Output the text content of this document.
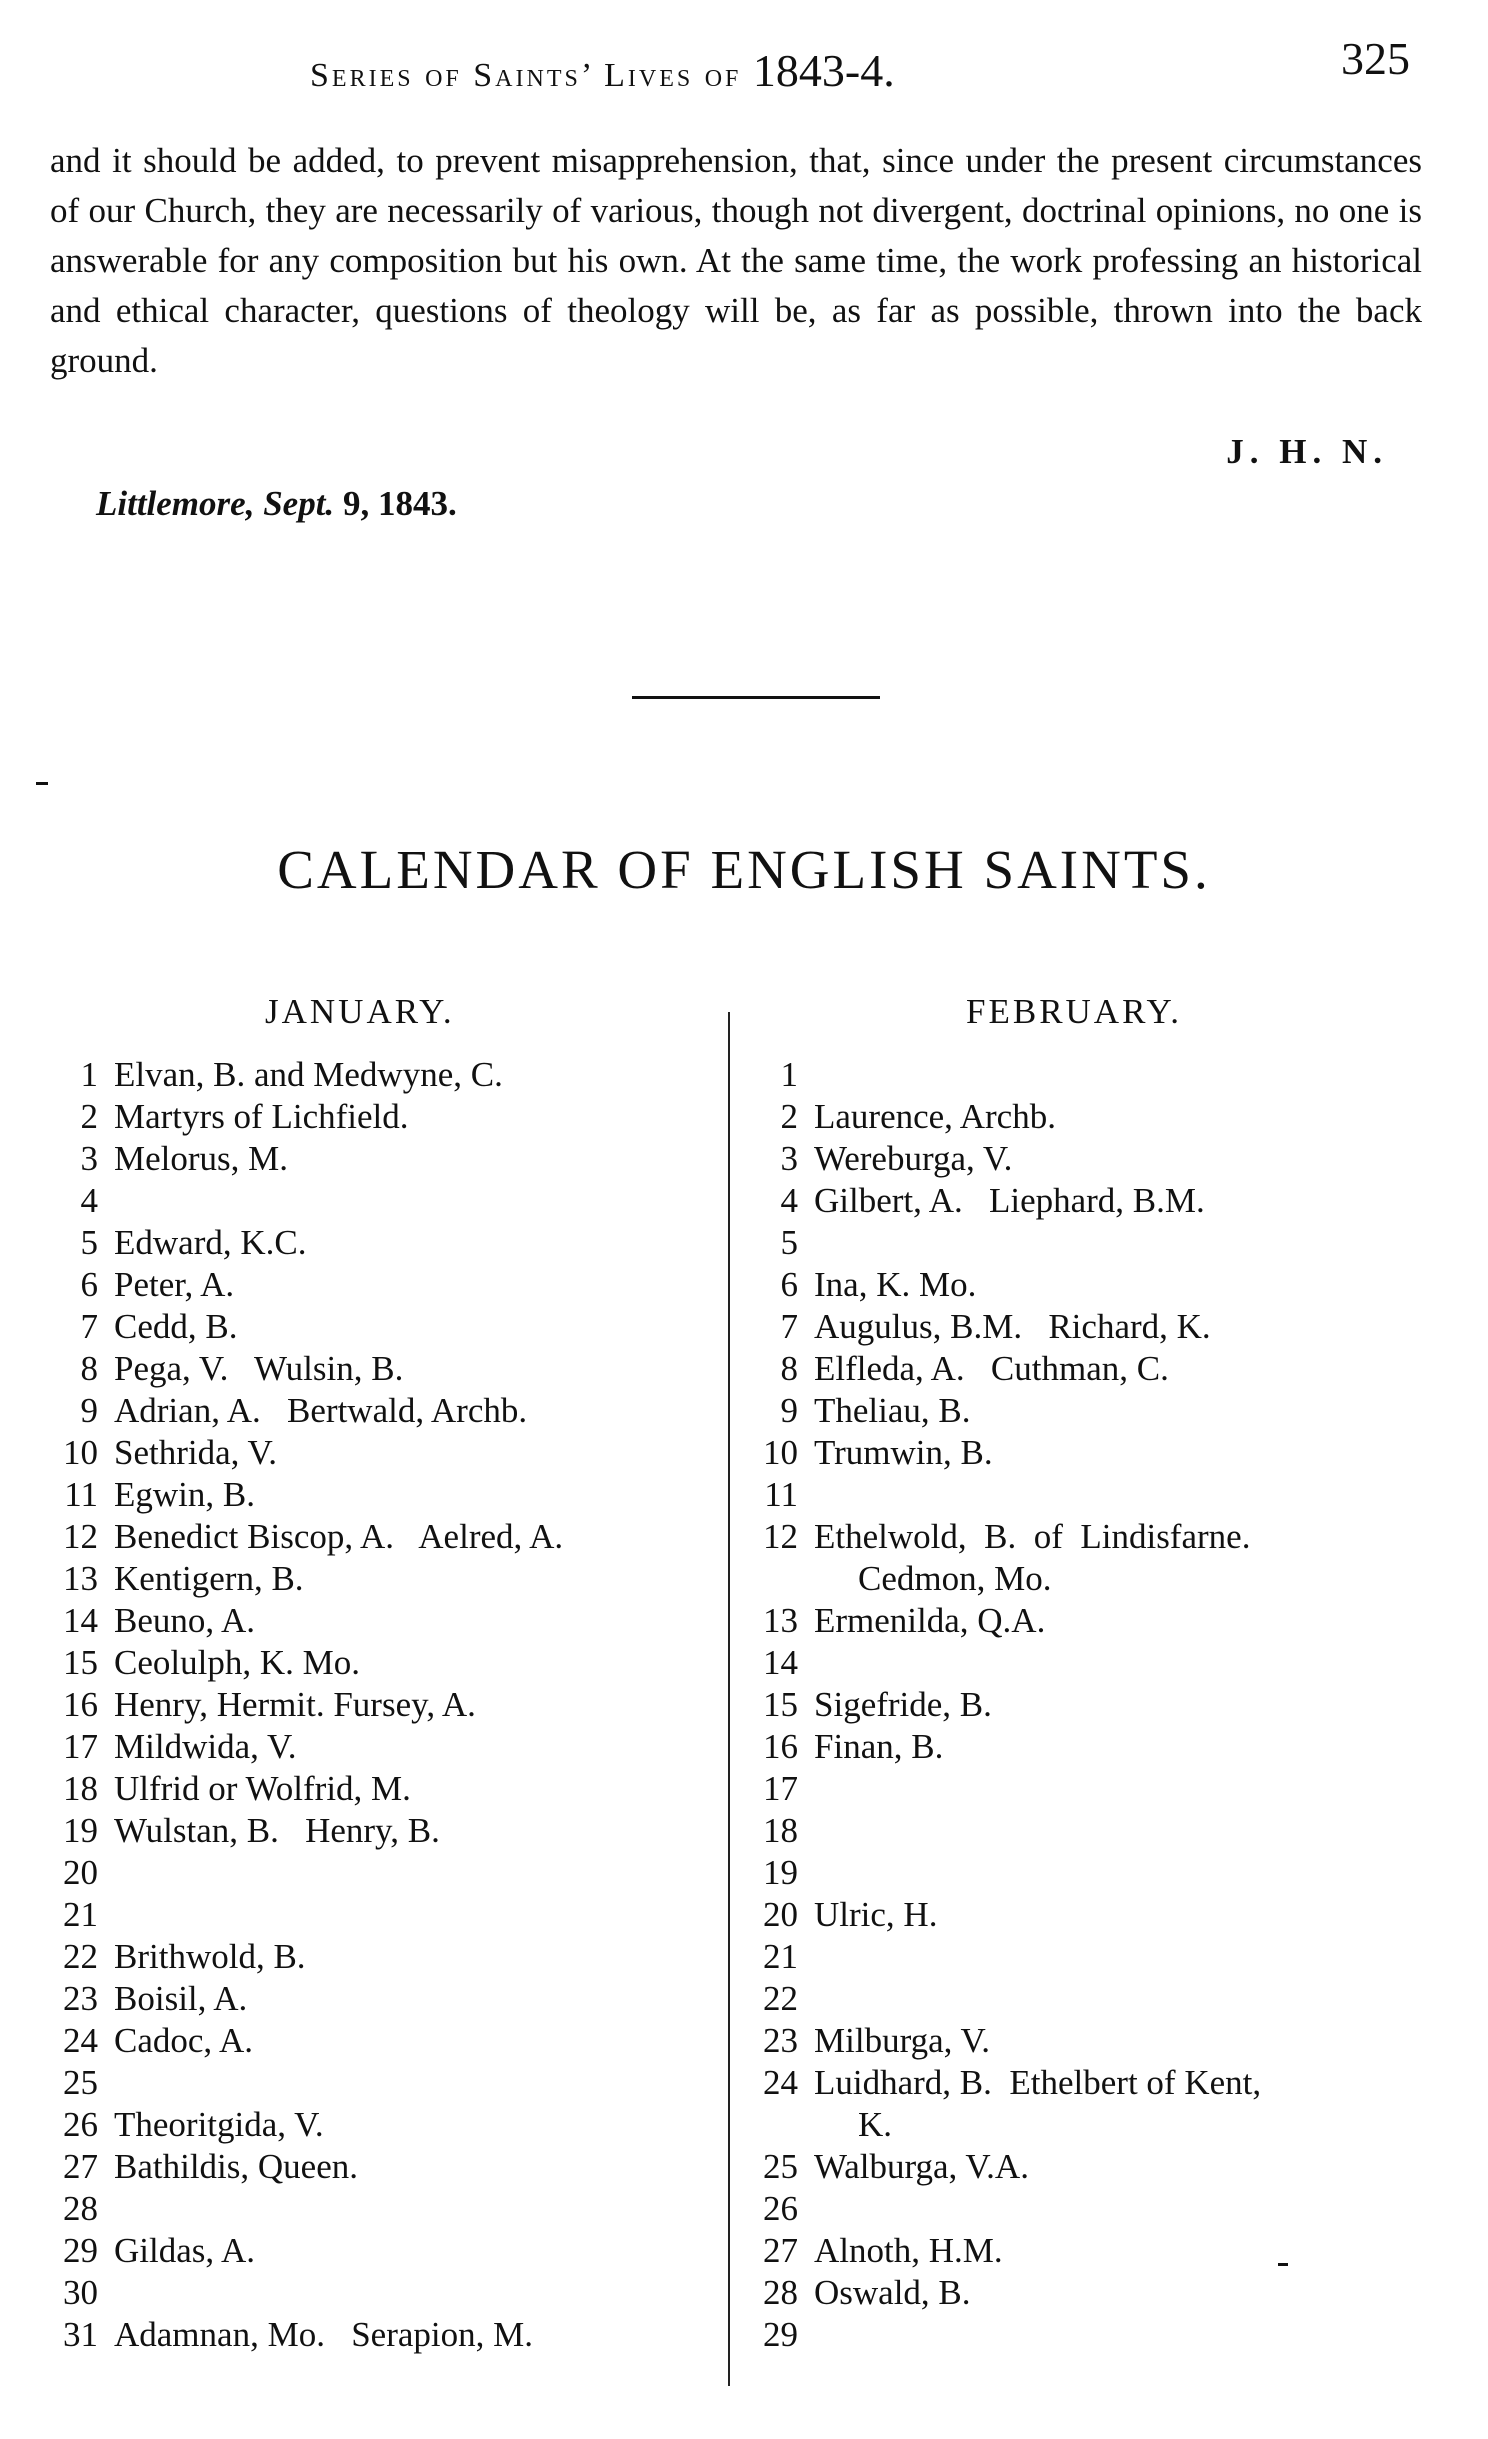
Series of Saints’ Lives of 1843-4.	325
and it should be added, to prevent misapprehension, that, since under the present circumstances of our Church, they are necessarily of various, though not divergent, doctrinal opinions, no one is answerable for any composition but his own. At the same time, the work professing an historical and ethical character, questions of theology will be, as far as possible, thrown into the back ground.
J. H. N.
Littlemore, Sept. 9, 1843.
CALENDAR OF ENGLISH SAINTS.
JANUARY.	FEBRUARY.
1 Elvan, B. and Medwyne, C.
2 Martyrs of Lichfield.
3 Melorus, M.
4
5 Edward, K.C.
6 Peter, A.
7 Cedd, B.
8 Pega, V.   Wulsin, B.
9 Adrian, A.   Bertwald, Archb.
10 Sethrida, V.
11 Egwin, B.
12 Benedict Biscop, A.   Aelred, A.
13 Kentigern, B.
14 Beuno, A.
15 Ceolulph, K. Mo.
16 Henry, Hermit. Fursey, A.
17 Mildwida, V.
18 Ulfrid or Wolfrid, M.
19 Wulstan, B.   Henry, B.
20
21
22 Brithwold, B.
23 Boisil, A.
24 Cadoc, A.
25
26 Theoritgida, V.
27 Bathildis, Queen.
28
29 Gildas, A.
30
31 Adamnan, Mo.   Serapion, M.
1
2 Laurence, Archb.
3 Wereburga, V.
4 Gilbert, A.   Liephard, B.M.
5
6 Ina, K. Mo.
7 Augulus, B.M.   Richard, K.
8 Elfleda, A.   Cuthman, C.
9 Theliau, B.
10 Trumwin, B.
11
12 Ethelwold,  B.  of  Lindisfarne.
Cedmon, Mo.
13 Ermenilda, Q.A.
14
15 Sigefride, B.
16 Finan, B.
17
18
19
20 Ulric, H.
21
22
23 Milburga, V.
24 Luidhard, B.  Ethelbert of Kent,
K.
25 Walburga, V.A.
26
27 Alnoth, H.M.
28 Oswald, B.
29
